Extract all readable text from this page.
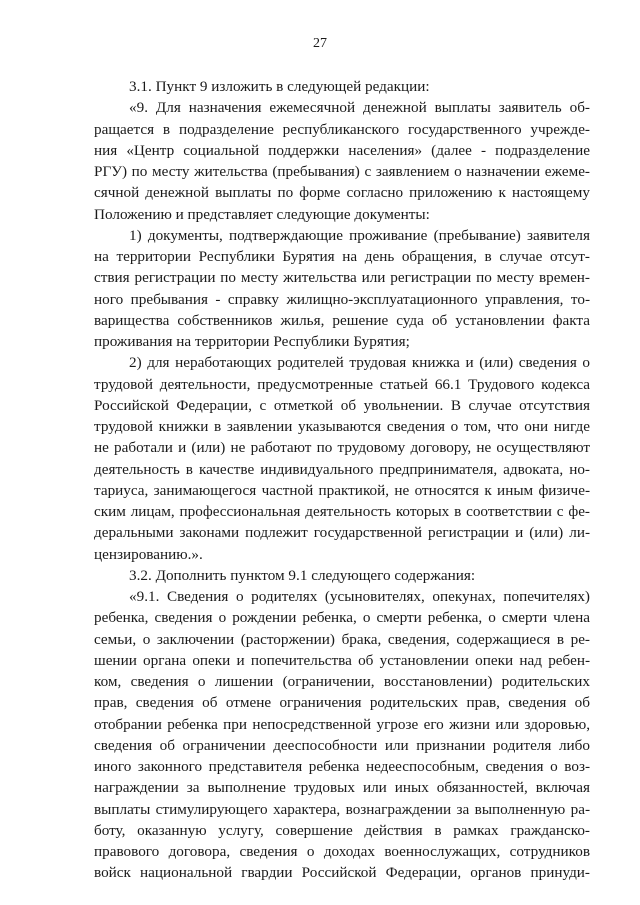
27
3.1. Пункт 9 изложить в следующей редакции:
«9. Для назначения ежемесячной денежной выплаты заявитель об-
ращается в подразделение республиканского государственного учрежде-
ния «Центр социальной поддержки населения» (далее - подразделение
РГУ) по месту жительства (пребывания) с заявлением о назначении ежеме-
сячной денежной выплаты по форме согласно приложению к настоящему
Положению и представляет следующие документы:
1) документы, подтверждающие проживание (пребывание) заявителя
на территории Республики Бурятия на день обращения, в случае отсут-
ствия регистрации по месту жительства или регистрации по месту времен-
ного пребывания - справку жилищно-эксплуатационного управления, то-
варищества собственников жилья, решение суда об установлении факта
проживания на территории Республики Бурятия;
2) для неработающих родителей трудовая книжка и (или) сведения о
трудовой деятельности, предусмотренные статьей 66.1 Трудового кодекса
Российской Федерации, с отметкой об увольнении. В случае отсутствия
трудовой книжки в заявлении указываются сведения о том, что они нигде
не работали и (или) не работают по трудовому договору, не осуществляют
деятельность в качестве индивидуального предпринимателя, адвоката, но-
тариуса, занимающегося частной практикой, не относятся к иным физиче-
ским лицам, профессиональная деятельность которых в соответствии с фе-
деральными законами подлежит государственной регистрации и (или) ли-
цензированию.».
3.2. Дополнить пунктом 9.1 следующего содержания:
«9.1. Сведения о родителях (усыновителях, опекунах, попечителях)
ребенка, сведения о рождении ребенка, о смерти ребенка, о смерти члена
семьи, о заключении (расторжении) брака, сведения, содержащиеся в ре-
шении органа опеки и попечительства об установлении опеки над ребен-
ком, сведения о лишении (ограничении, восстановлении) родительских
прав, сведения об отмене ограничения родительских прав, сведения об
отобрании ребенка при непосредственной угрозе его жизни или здоровью,
сведения об ограничении дееспособности или признании родителя либо
иного законного представителя ребенка недееспособным, сведения о воз-
награждении за выполнение трудовых или иных обязанностей, включая
выплаты стимулирующего характера, вознаграждении за выполненную ра-
боту, оказанную услугу, совершение действия в рамках гражданско-
правового договора, сведения о доходах военнослужащих, сотрудников
войск национальной гвардии Российской Федерации, органов принуди-
